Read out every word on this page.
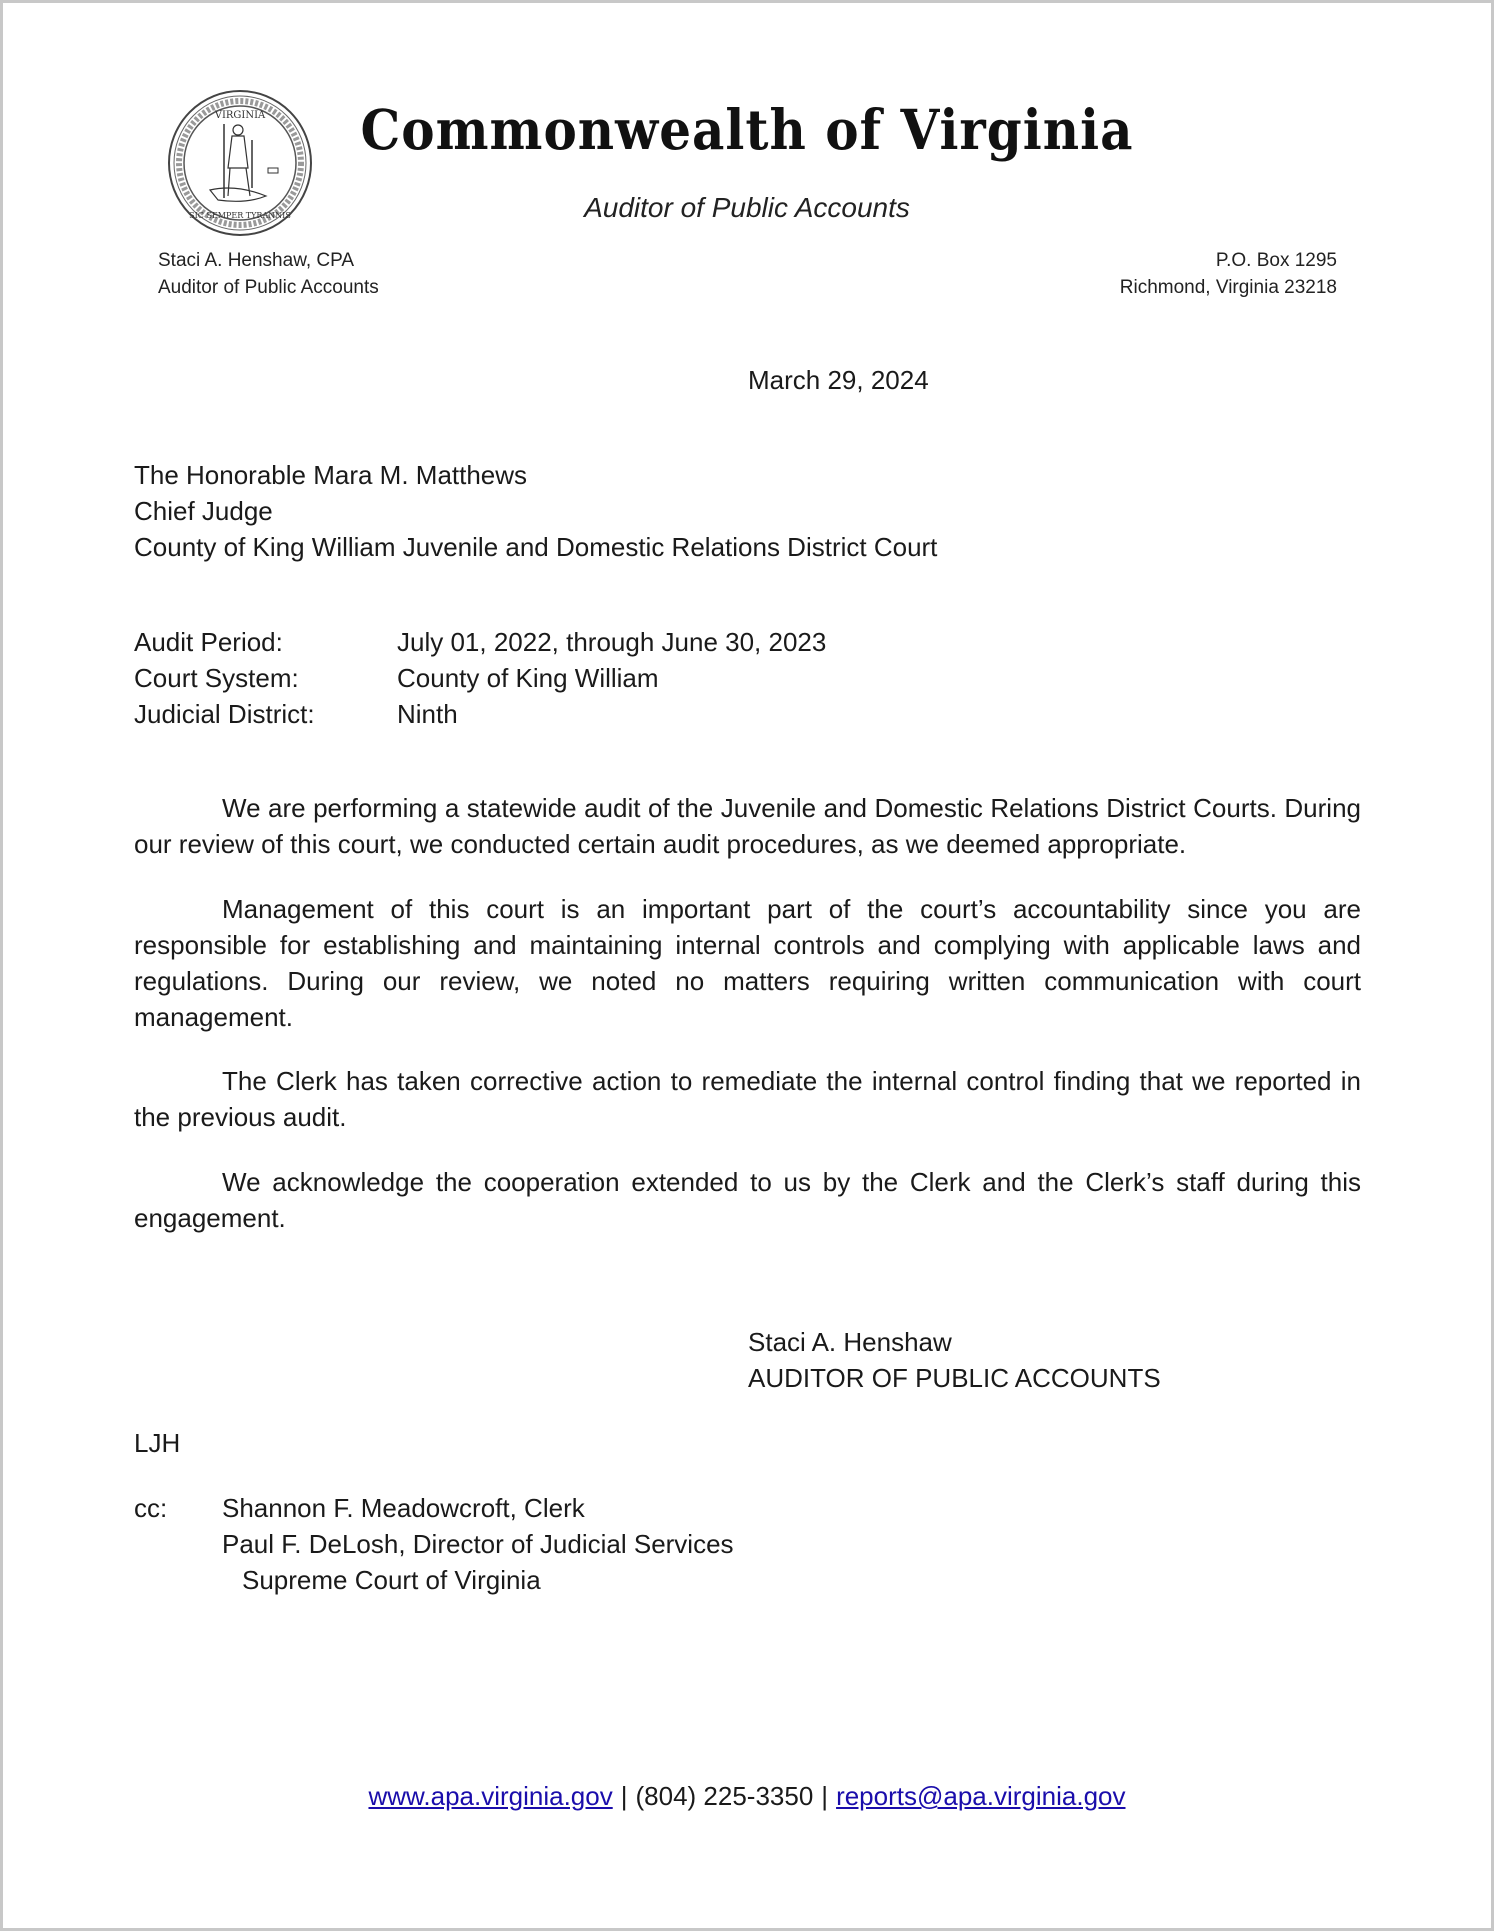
VIRGINIA
SIC SEMPER TYRANNIS
Commonwealth of Virginia
Auditor of Public Accounts
Staci A. Henshaw, CPA
Auditor of Public Accounts
P.O. Box 1295
Richmond, Virginia 23218
March 29, 2024
The Honorable Mara M. Matthews
Chief Judge
County of King William Juvenile and Domestic Relations District Court
Audit Period:	July 01, 2022, through June 30, 2023
Court System:	County of King William
Judicial District:	Ninth

We are performing a statewide audit of the Juvenile and Domestic Relations District Courts. During our review of this court, we conducted certain audit procedures, as we deemed appropriate.

Management of this court is an important part of the court’s accountability since you are responsible for establishing and maintaining internal controls and complying with applicable laws and regulations. During our review, we noted no matters requiring written communication with court management.

The Clerk has taken corrective action to remediate the internal control finding that we reported in the previous audit.

We acknowledge the cooperation extended to us by the Clerk and the Clerk’s staff during this engagement.

Staci A. Henshaw
AUDITOR OF PUBLIC ACCOUNTS
LJH
cc:	Shannon F. Meadowcroft, Clerk
Paul F. DeLosh, Director of Judicial Services
Supreme Court of Virginia
www.apa.virginia.gov | (804) 225-3350 | reports@apa.virginia.gov
